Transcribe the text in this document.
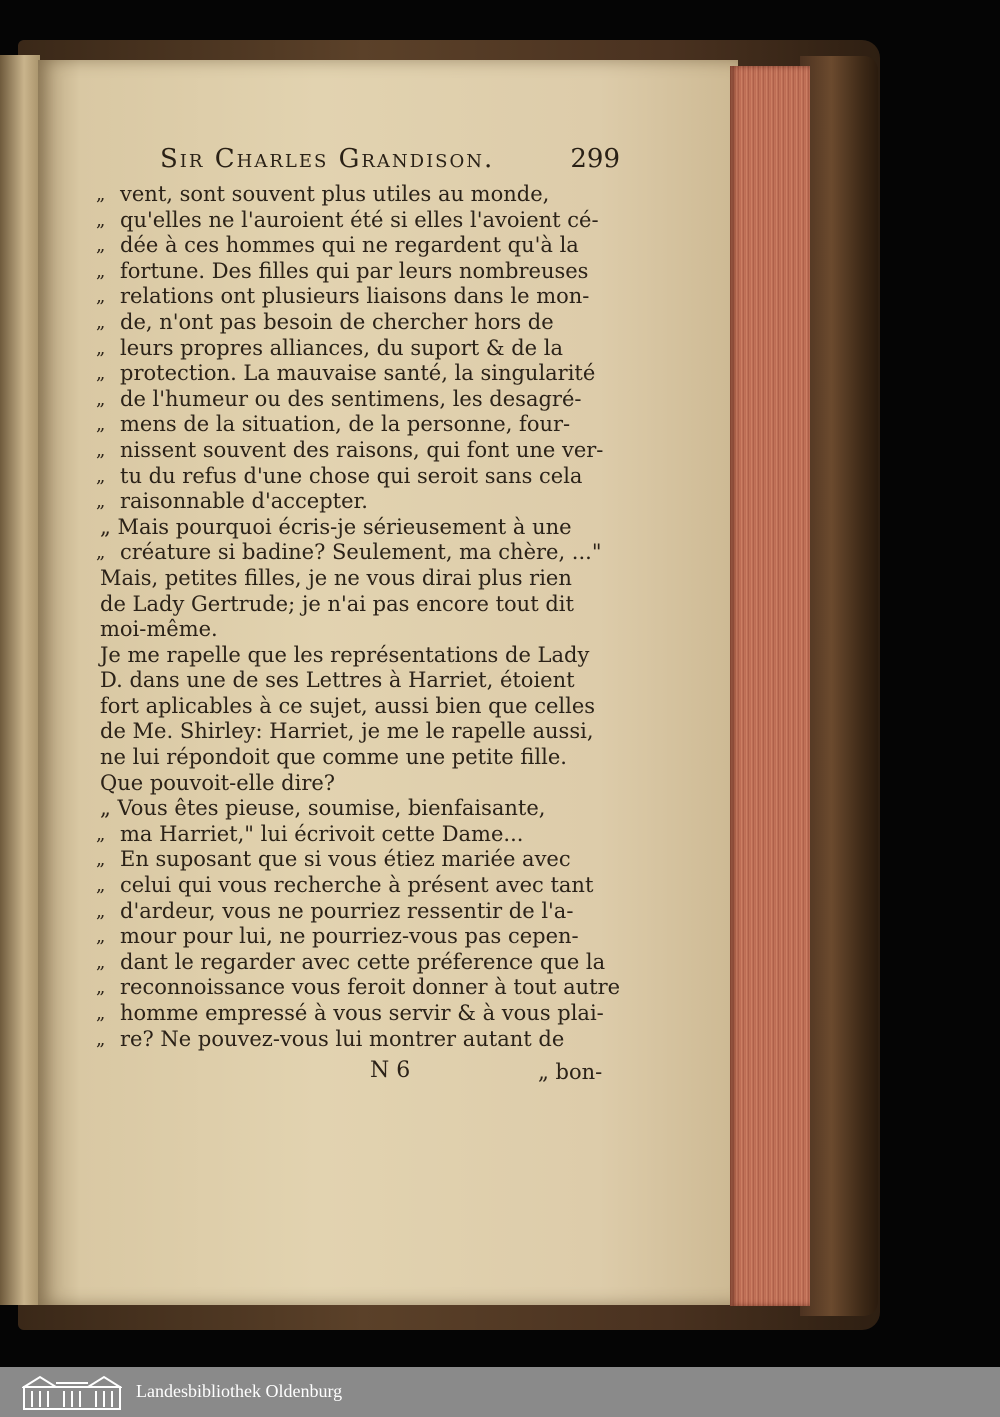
Sir Charles Grandison.	299
„ vent, sont souvent plus utiles au monde,
„ qu'elles ne l'auroient été si elles l'avoient cé-
„ dée à ces hommes qui ne regardent qu'à la
„ fortune. Des filles qui par leurs nombreuses
„ relations ont plusieurs liaisons dans le mon-
„ de, n'ont pas besoin de chercher hors de
„ leurs propres alliances, du suport & de la
„ protection. La mauvaise santé, la singularité
„ de l'humeur ou des sentimens, les desagré-
„ mens de la situation, de la personne, four-
„ nissent souvent des raisons, qui font une ver-
„ tu du refus d'une chose qui seroit sans cela
„ raisonnable d'accepter.
„ Mais pourquoi écris-je sérieusement à une
„ créature si badine? Seulement, ma chère, ..."
Mais, petites filles, je ne vous dirai plus rien
de Lady Gertrude; je n'ai pas encore tout dit
moi-même.
Je me rapelle que les représentations de Lady
D. dans une de ses Lettres à Harriet, étoient
fort aplicables à ce sujet, aussi bien que celles
de Me. Shirley: Harriet, je me le rapelle aussi,
ne lui répondoit que comme une petite fille.
Que pouvoit-elle dire?
„ Vous êtes pieuse, soumise, bienfaisante,
„ ma Harriet," lui écrivoit cette Dame...
„ En suposant que si vous étiez mariée avec
„ celui qui vous recherche à présent avec tant
„ d'ardeur, vous ne pourriez ressentir de l'a-
„ mour pour lui, ne pourriez-vous pas cepen-
„ dant le regarder avec cette préference que la
„ reconnoissance vous feroit donner à tout autre
„ homme empressé à vous servir & à vous plai-
„ re? Ne pouvez-vous lui montrer autant de
N 6	„ bon-
Landesbibliothek Oldenburg
